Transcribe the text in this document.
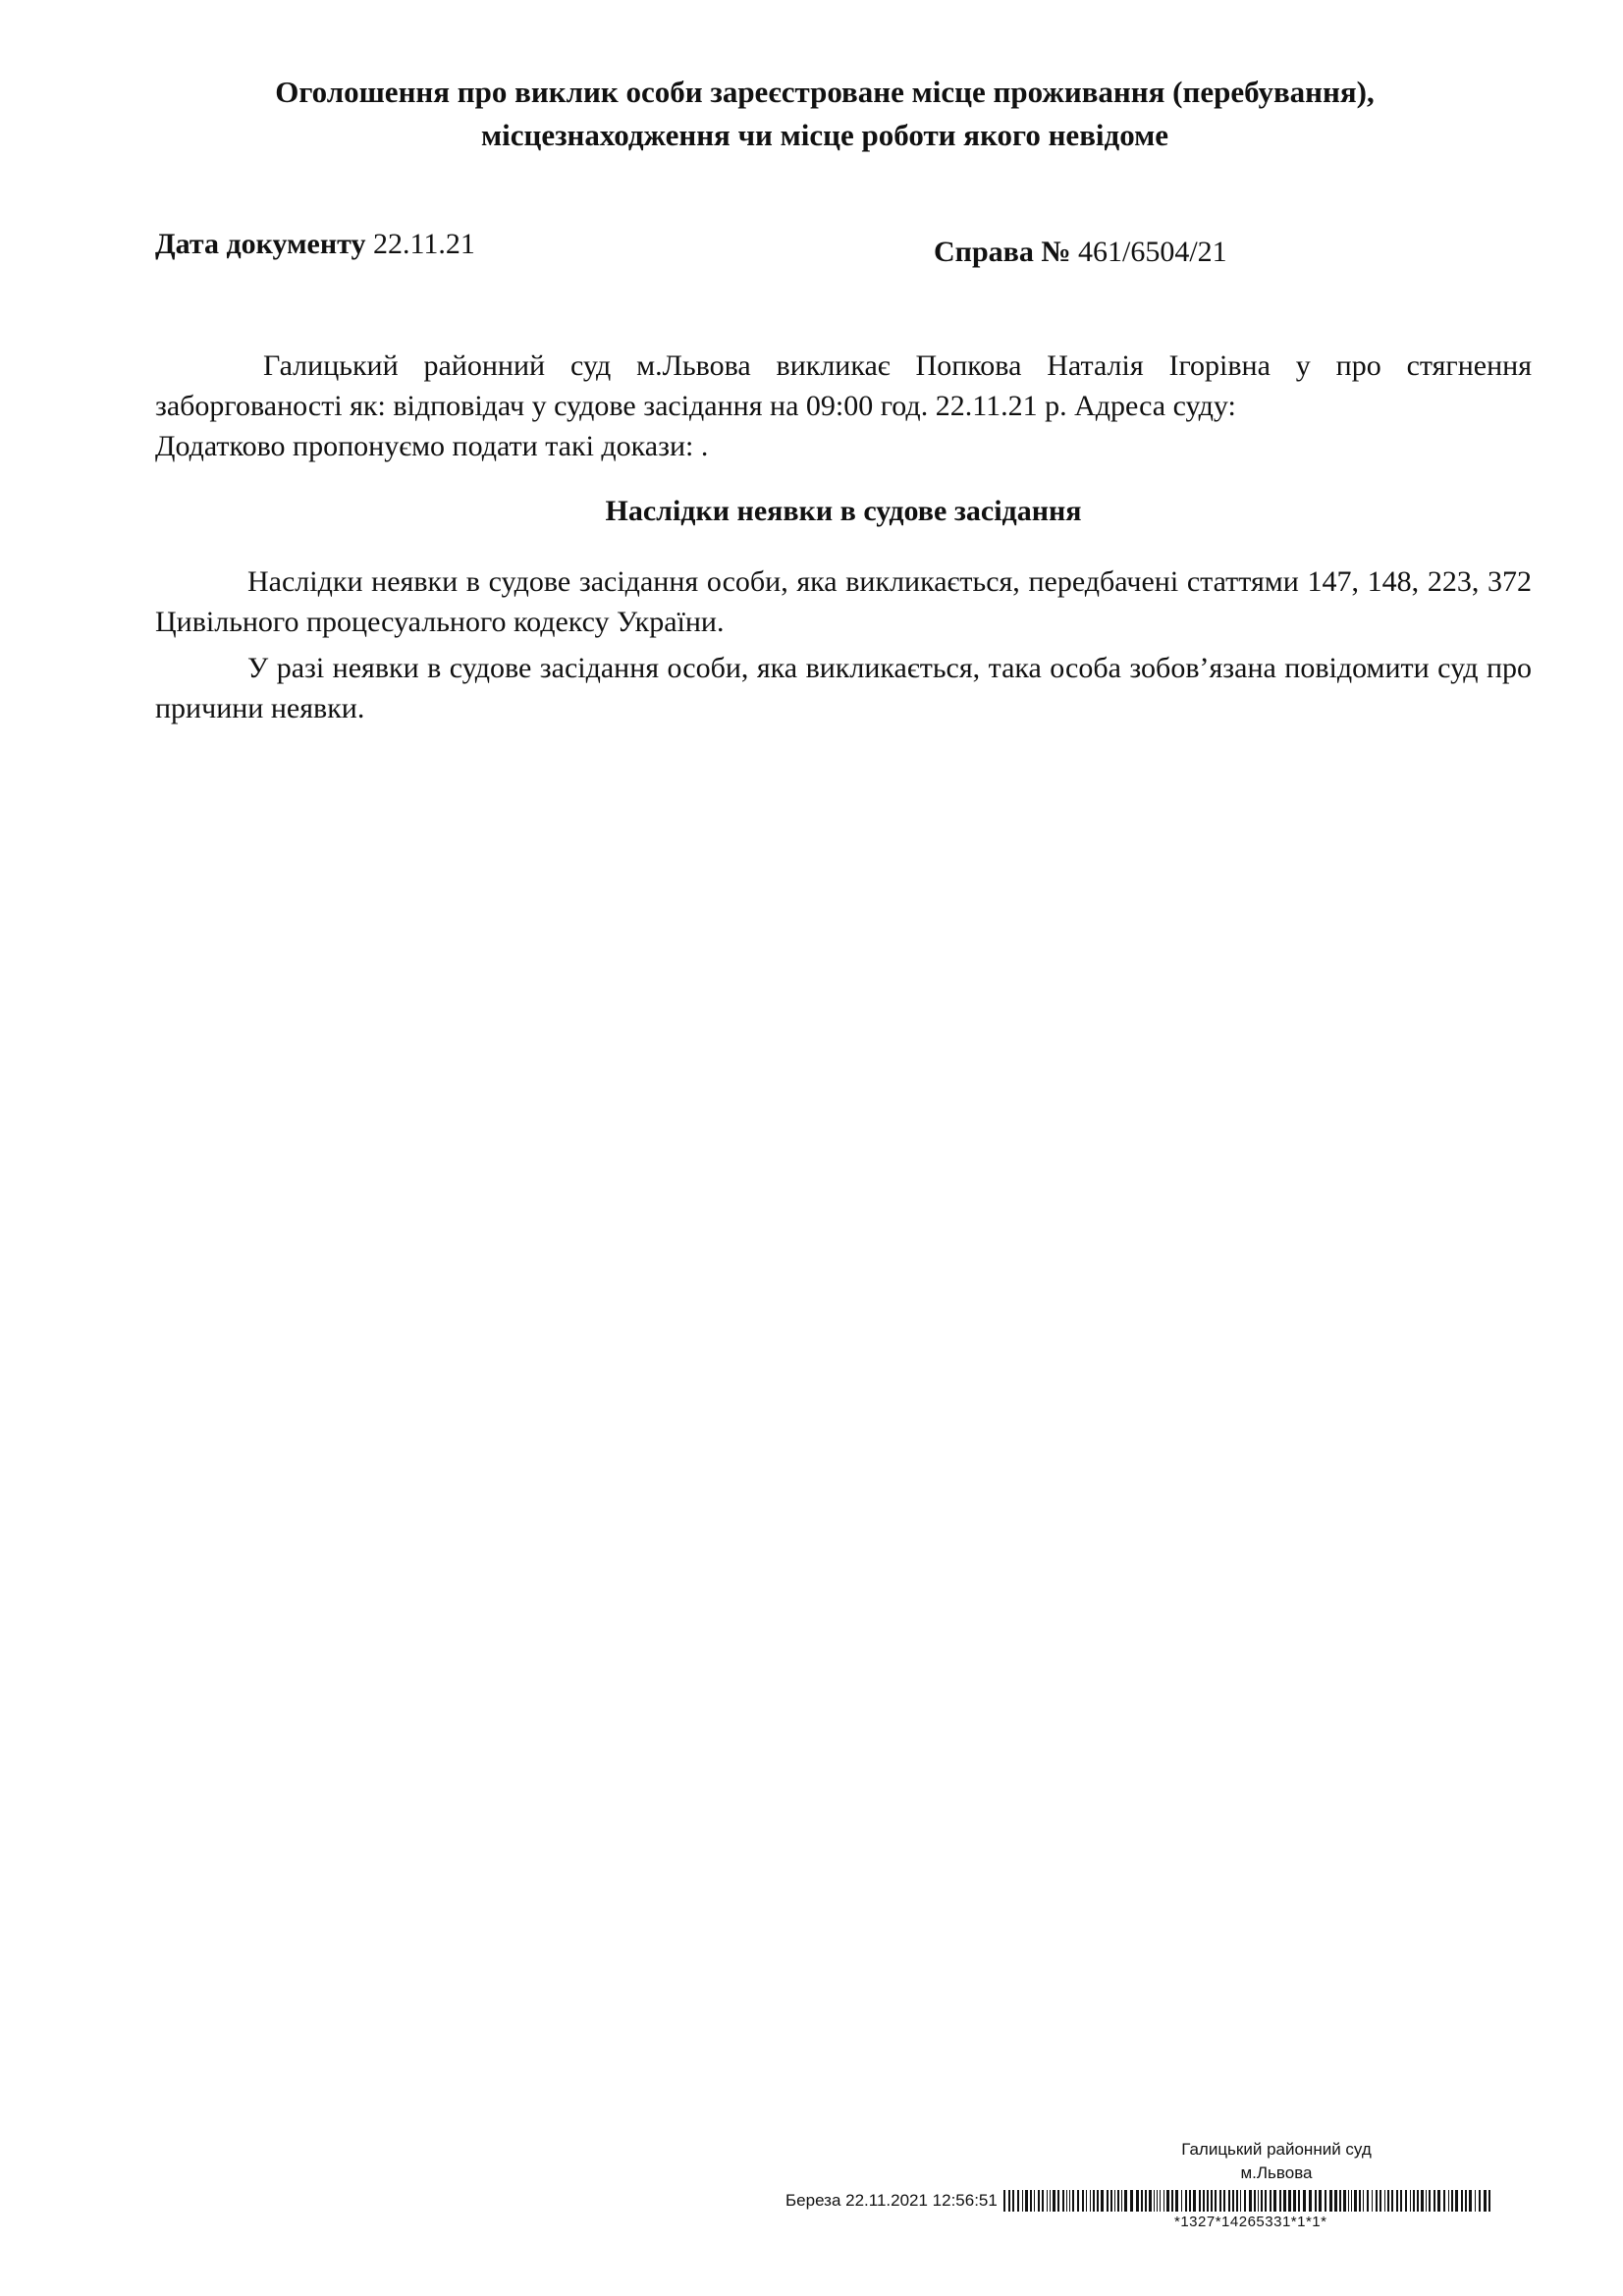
Оголошення про виклик особи зареєстроване місце проживання (перебування),
місцезнаходження чи місце роботи якого невідоме
Дата документу 22.11.21	Справа № 461/6504/21
Галицький районний суд м.Львова викликає Попкова Наталія Ігорівна у про стягнення
заборгованості як: відповідач у судове засідання на 09:00 год. 22.11.21 р. Адреса суду:
Додатково пропонуємо подати такі докази: .
Наслідки неявки в судове засідання

Наслідки неявки в судове засідання особи, яка викликається, передбачені статтями 147, 148, 223, 372 Цивільного процесуального кодексу України.

У разі неявки в судове засідання особи, яка викликається, така особа зобов’язана повідомити суд про причини неявки.

Галицький районний суд
м.Львова
Береза 22.11.2021 12:56:51
*1327*14265331*1*1*
